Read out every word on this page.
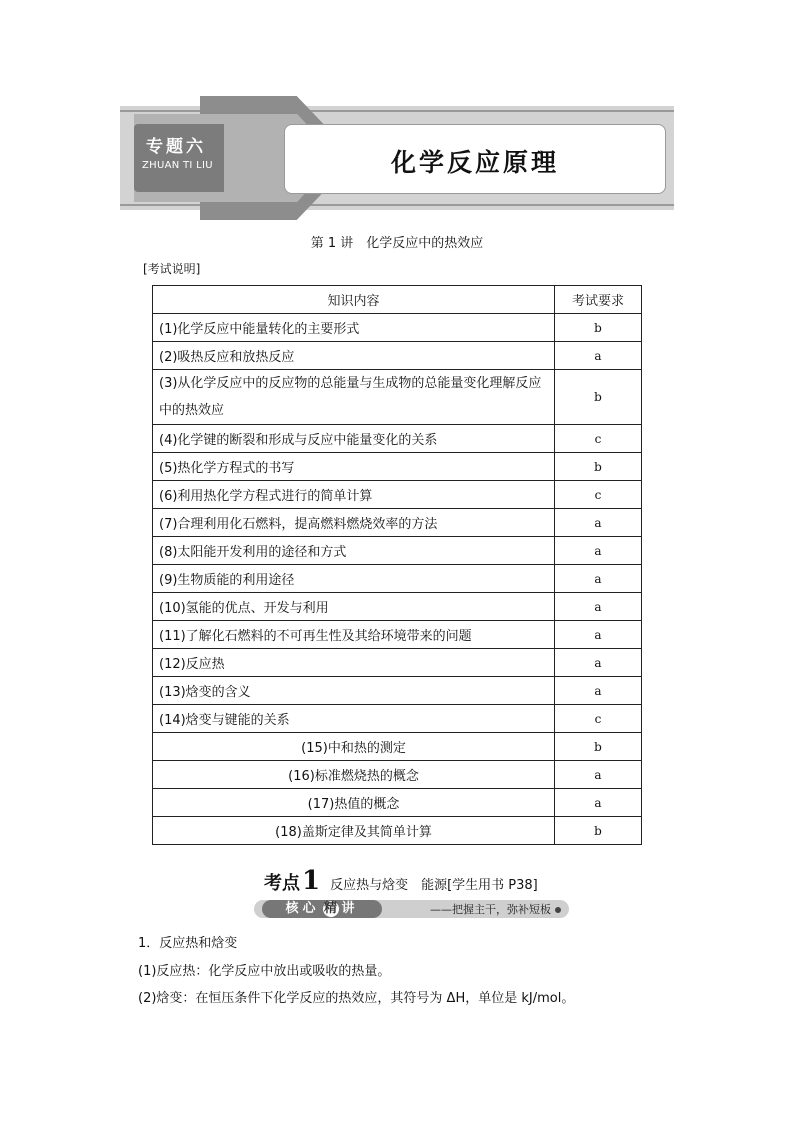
专题六
ZHUAN TI LIU	化学反应原理
第 1 讲　化学反应中的热效应
[考试说明]
知识内容	考试要求
(1)化学反应中能量转化的主要形式	b
(2)吸热反应和放热反应	a
(3)从化学反应中的反应物的总能量与生成物的总能量变化理解反应中的热效应	b
(4)化学键的断裂和形成与反应中能量变化的关系	c
(5)热化学方程式的书写	b
(6)利用热化学方程式进行的简单计算	c
(7)合理利用化石燃料，提高燃料燃烧效率的方法	a
(8)太阳能开发利用的途径和方式	a
(9)生物质能的利用途径	a
(10)氢能的优点、开发与利用	a
(11)了解化石燃料的不可再生性及其给环境带来的问题	a
(12)反应热	a
(13)焓变的含义	a
(14)焓变与键能的关系	c
(15)中和热的测定	b
(16)标准燃烧热的概念	a
(17)热值的概念	a
(18)盖斯定律及其简单计算	b
考点1 反应热与焓变　能源[学生用书 P38]
核心 精 讲	——把握主干，弥补短板
1．反应热和焓变
(1)反应热：化学反应中放出或吸收的热量。
(2)焓变：在恒压条件下化学反应的热效应，其符号为 ΔH，单位是 kJ/mol。
